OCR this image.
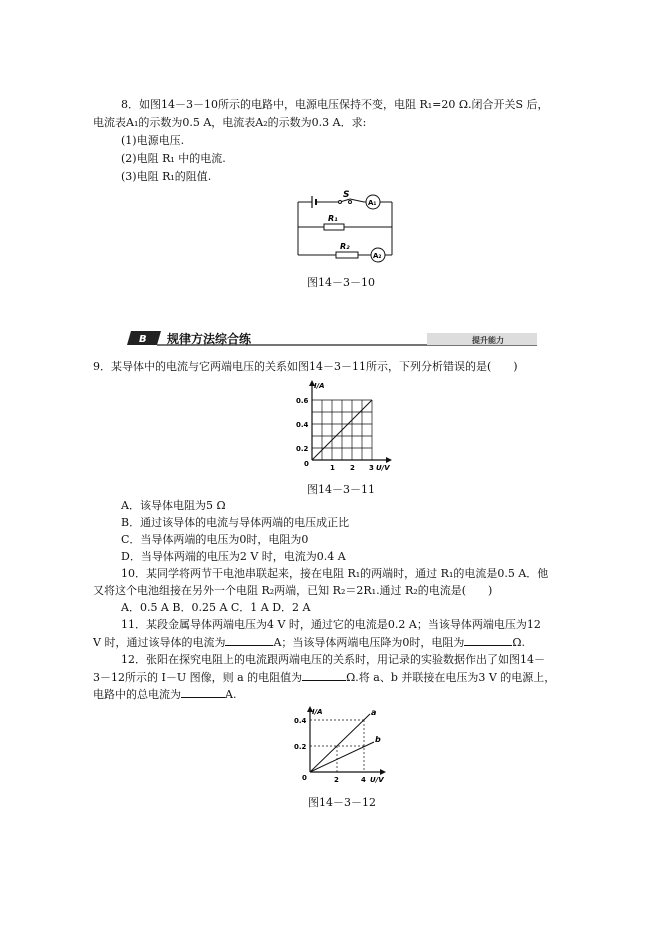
8．如图14－3－10所示的电路中，电源电压保持不变，电阻 R₁=20 Ω.闭合开关S 后，
电流表A₁的示数为0.5 A，电流表A₂的示数为0.3 A．求:
(1)电源电压.
(2)电阻 R₁ 中的电流.
(3)电阻 R₁的阻值.
S
A₁
R₁
R₂
A₂
图14－3－10
B 规律方法综合练	提升能力
9．某导体中的电流与它两端电压的关系如图14－3－11所示，下列分析错误的是(　　)
I/A
0.6
0.4
0.2
0	1 2 3 U/V
图14－3－11
A．该导体电阻为5 Ω
B．通过该导体的电流与导体两端的电压成正比
C．当导体两端的电压为0时，电阻为0
D．当导体两端的电压为2 V 时，电流为0.4 A
10．某同学将两节干电池串联起来，接在电阻 R₁的两端时，通过 R₁的电流是0.5 A．他
又将这个电池组接在另外一个电阻 R₂两端，已知 R₂＝2R₁.通过 R₂的电流是(　　)
A．0.5 A B．0.25 A C．1 A D．2 A
11．某段金属导体两端电压为4 V 时，通过它的电流是0.2 A；当该导体两端电压为12
V 时，通过该导体的电流为	A；当该导体两端电压降为0时，电阻为	Ω.
12．张阳在探究电阻上的电流跟两端电压的关系时，用记录的实验数据作出了如图14－
3－12所示的 I－U 图像，则 a 的电阻值为	Ω.将 a、b 并联接在电压为3 V 的电源上，
电路中的总电流为	A.
I/A
0.4
0.2
0	2	4 U/V
a
b
图14－3－12
